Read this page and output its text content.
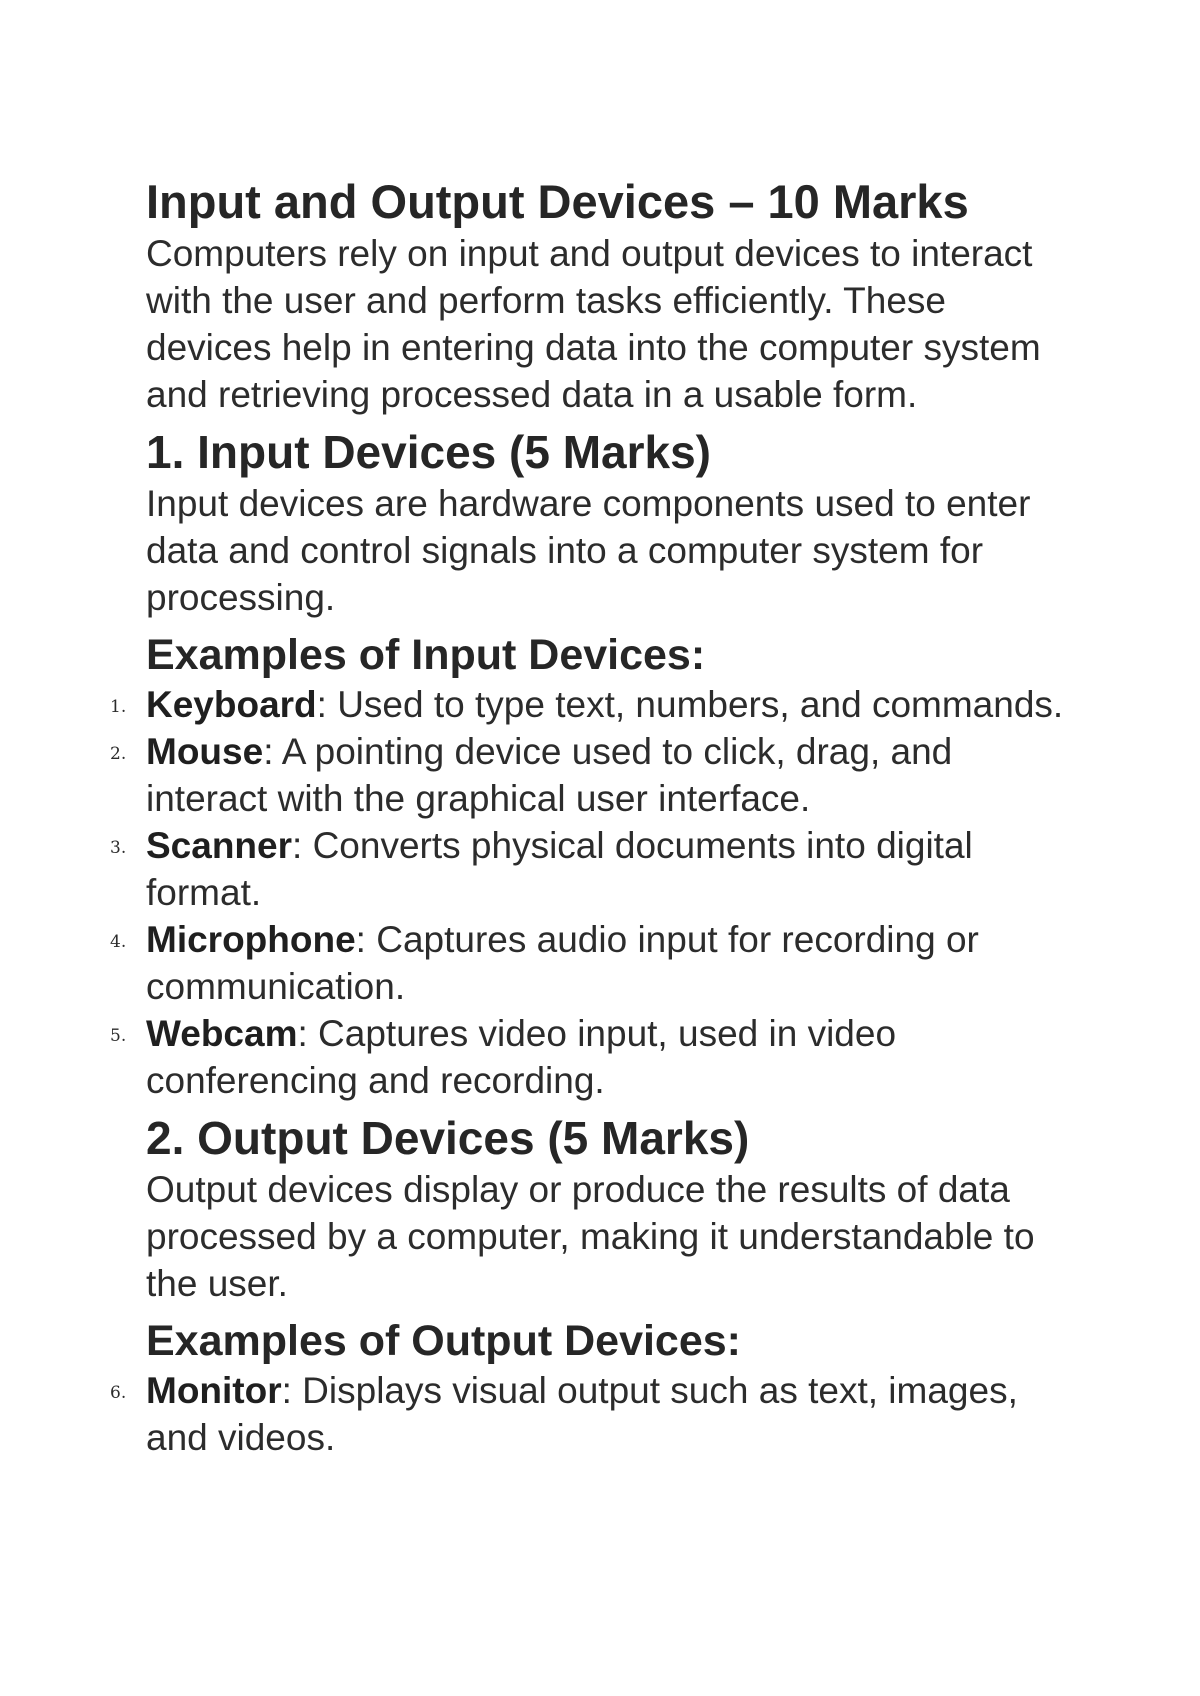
Input and Output Devices – 10 Marks

Computers rely on input and output devices to interact with the user and perform tasks efficiently. These devices help in entering data into the computer system and retrieving processed data in a usable form.

1. Input Devices (5 Marks)

Input devices are hardware components used to enter data and control signals into a computer system for processing.

Examples of Input Devices:
1. Keyboard: Used to type text, numbers, and commands.
2. Mouse: A pointing device used to click, drag, and interact with the graphical user interface.
3. Scanner: Converts physical documents into digital format.
4. Microphone: Captures audio input for recording or communication.
5. Webcam: Captures video input, used in video conferencing and recording.
2. Output Devices (5 Marks)

Output devices display or produce the results of data processed by a computer, making it understandable to the user.

Examples of Output Devices:
6. Monitor: Displays visual output such as text, images, and videos.
